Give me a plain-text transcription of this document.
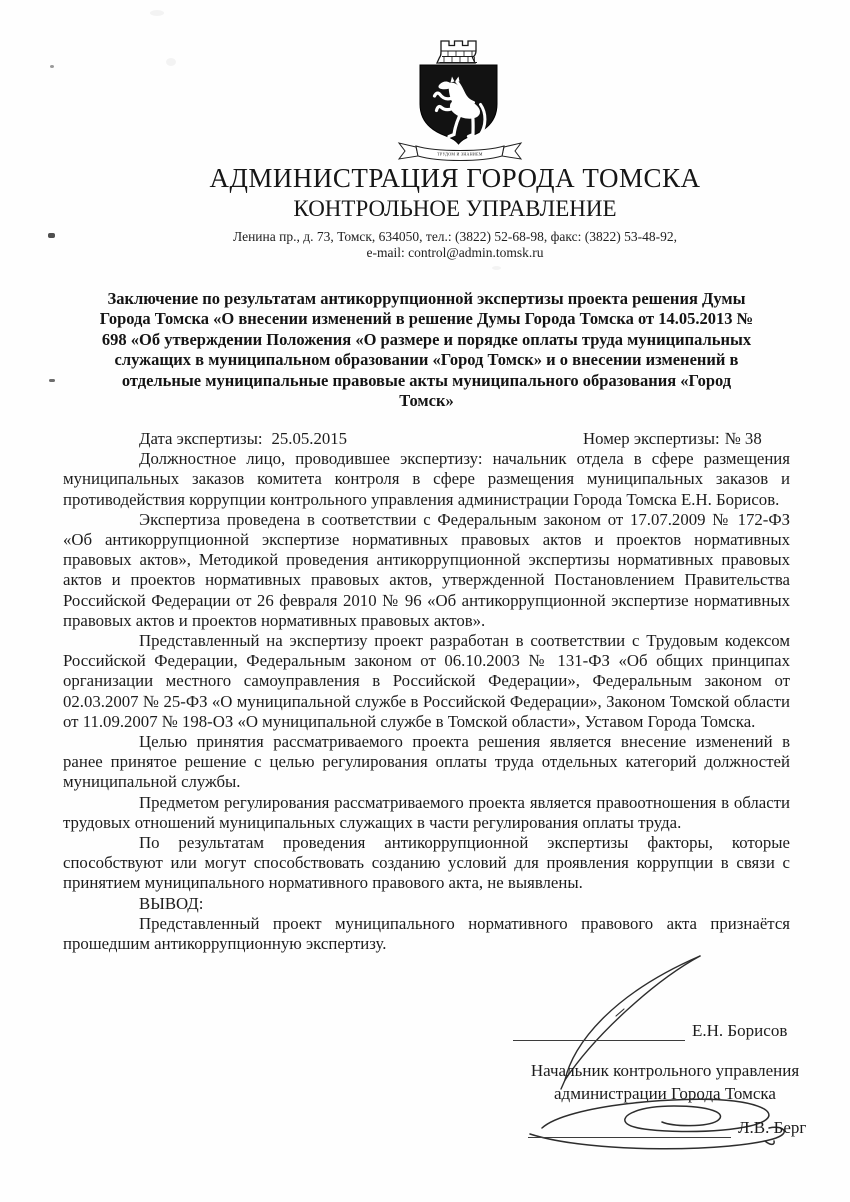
ТРУДОМ И ЗНАНИЕМ
АДМИНИСТРАЦИЯ ГОРОДА ТОМСКА
КОНТРОЛЬНОЕ УПРАВЛЕНИЕ
Ленина пр., д. 73, Томск, 634050, тел.: (3822) 52-68-98, факс: (3822) 53-48-92,
e-mail: control@admin.tomsk.ru
Заключение по результатам антикоррупционной экспертизы проекта решения Думы
Города Томска «О внесении изменений в решение Думы Города Томска от 14.05.2013 №
698 «Об утверждении Положения «О размере и порядке оплаты труда муниципальных
служащих в муниципальном образовании «Город Томск» и о внесении изменений в
отдельные муниципальные правовые акты муниципального образования «Город
Томск»
Дата экспертизы: 25.05.2015	Номер экспертизы: № 38

Должностное лицо, проводившее экспертизу: начальник отдела в сфере размещения муниципальных заказов комитета контроля в сфере размещения муниципальных заказов и противодействия коррупции контрольного управления администрации Города Томска Е.Н. Борисов.

Экспертиза проведена в соответствии с Федеральным законом от 17.07.2009 № 172-ФЗ «Об антикоррупционной экспертизе нормативных правовых актов и проектов нормативных правовых актов», Методикой проведения антикоррупционной экспертизы нормативных правовых актов и проектов нормативных правовых актов, утвержденной Постановлением Правительства Российской Федерации от 26 февраля 2010 № 96 «Об антикоррупционной экспертизе нормативных правовых актов и проектов нормативных правовых актов».

Представленный на экспертизу проект разработан в соответствии с Трудовым кодексом Российской Федерации, Федеральным законом от 06.10.2003 № 131-ФЗ «Об общих принципах организации местного самоуправления в Российской Федерации», Федеральным законом от 02.03.2007 № 25-ФЗ «О муниципальной службе в Российской Федерации», Законом Томской области от 11.09.2007 № 198-ОЗ «О муниципальной службе в Томской области», Уставом Города Томска.

Целью принятия рассматриваемого проекта решения является внесение изменений в ранее принятое решение с целью регулирования оплаты труда отдельных категорий должностей муниципальной службы.

Предметом регулирования рассматриваемого проекта является правоотношения в области трудовых отношений муниципальных служащих в части регулирования оплаты труда.

По результатам проведения антикоррупционной экспертизы факторы, которые способствуют или могут способствовать созданию условий для проявления коррупции в связи с принятием муниципального нормативного правового акта, не выявлены.

ВЫВОД:

Представленный проект муниципального нормативного правового акта признаётся прошедшим антикоррупционную экспертизу.

Е.Н. Борисов
Начальник контрольного управления
администрации Города Томска
Л.В. Берг
